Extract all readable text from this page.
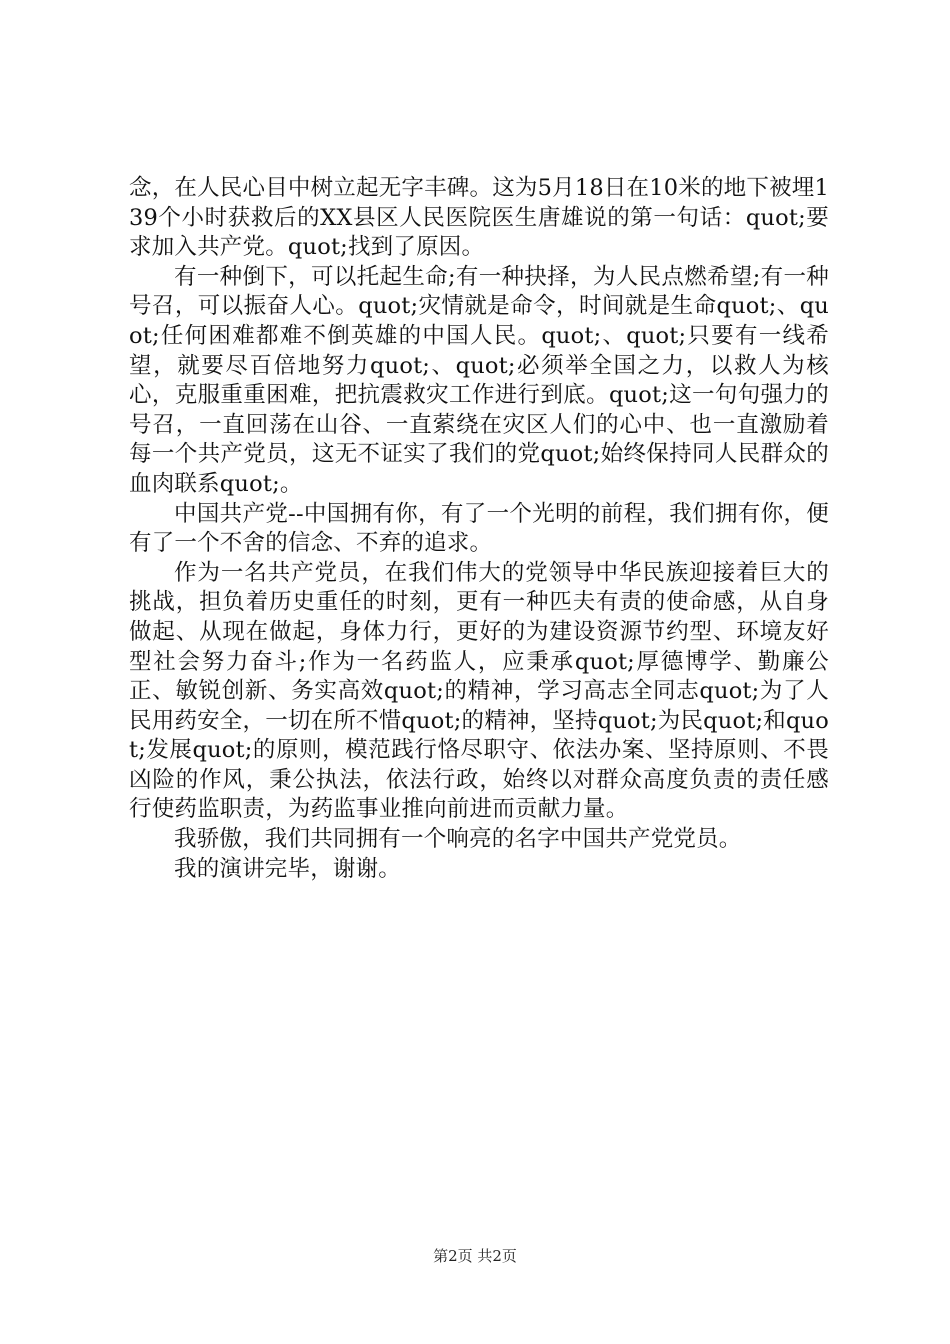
念，在人民心目中树立起无字丰碑。这为5月18日在10米的地下被埋139个小时获救后的XX县区人民医院医生唐雄说的第一句话：quot;要求加入共产党。quot;找到了原因。

有一种倒下，可以托起生命;有一种抉择，为人民点燃希望;有一种号召，可以振奋人心。quot;灾情就是命令，时间就是生命quot;、quot;任何困难都难不倒英雄的中国人民。quot;、quot;只要有一线希望，就要尽百倍地努力quot;、quot;必须举全国之力，以救人为核心，克服重重困难，把抗震救灾工作进行到底。quot;这一句句强力的号召，一直回荡在山谷、一直萦绕在灾区人们的心中、也一直激励着每一个共产党员，这无不证实了我们的党quot;始终保持同人民群众的血肉联系quot;。

中国共产党--中国拥有你，有了一个光明的前程，我们拥有你，便有了一个不舍的信念、不弃的追求。

作为一名共产党员，在我们伟大的党领导中华民族迎接着巨大的挑战，担负着历史重任的时刻，更有一种匹夫有责的使命感，从自身做起、从现在做起，身体力行，更好的为建设资源节约型、环境友好型社会努力奋斗;作为一名药监人，应秉承quot;厚德博学、勤廉公正、敏锐创新、务实高效quot;的精神，学习高志全同志quot;为了人民用药安全，一切在所不惜quot;的精神，坚持quot;为民quot;和quot;发展quot;的原则，模范践行恪尽职守、依法办案、坚持原则、不畏凶险的作风，秉公执法，依法行政，始终以对群众高度负责的责任感行使药监职责，为药监事业推向前进而贡献力量。

我骄傲，我们共同拥有一个响亮的名字中国共产党党员。

我的演讲完毕，谢谢。

第2页 共2页
